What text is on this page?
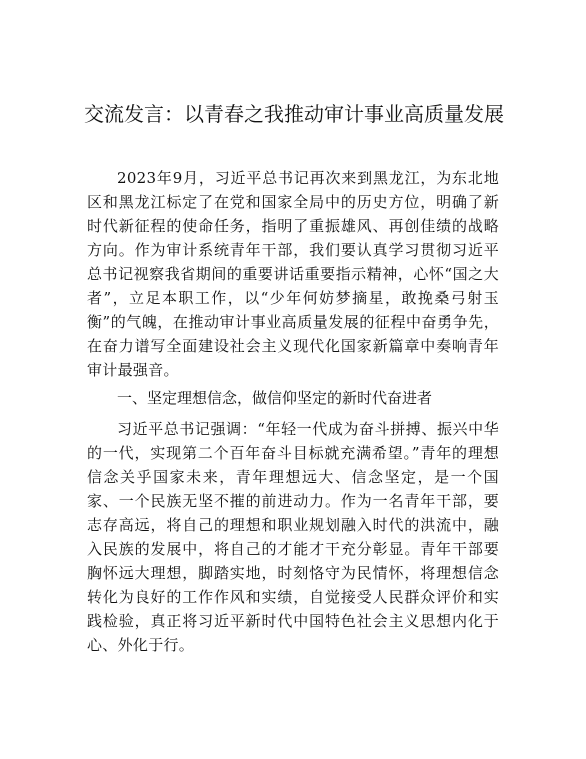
交流发言：以青春之我推动审计事业高质量发展

2023年9月，习近平总书记再次来到黑龙江，为东北地区和黑龙江标定了在党和国家全局中的历史方位，明确了新时代新征程的使命任务，指明了重振雄风、再创佳绩的战略方向。作为审计系统青年干部，我们要认真学习贯彻习近平总书记视察我省期间的重要讲话重要指示精神，心怀“国之大者”，立足本职工作，以“少年何妨梦摘星，敢挽桑弓射玉衡”的气魄，在推动审计事业高质量发展的征程中奋勇争先，在奋力谱写全面建设社会主义现代化国家新篇章中奏响青年审计最强音。

一、坚定理想信念，做信仰坚定的新时代奋进者

习近平总书记强调：“年轻一代成为奋斗拼搏、振兴中华的一代，实现第二个百年奋斗目标就充满希望。”青年的理想信念关乎国家未来，青年理想远大、信念坚定，是一个国家、一个民族无坚不摧的前进动力。作为一名青年干部，要志存高远，将自己的理想和职业规划融入时代的洪流中，融入民族的发展中，将自己的才能才干充分彰显。青年干部要胸怀远大理想，脚踏实地，时刻恪守为民情怀，将理想信念转化为良好的工作作风和实绩，自觉接受人民群众评价和实践检验，真正将习近平新时代中国特色社会主义思想内化于心、外化于行。
